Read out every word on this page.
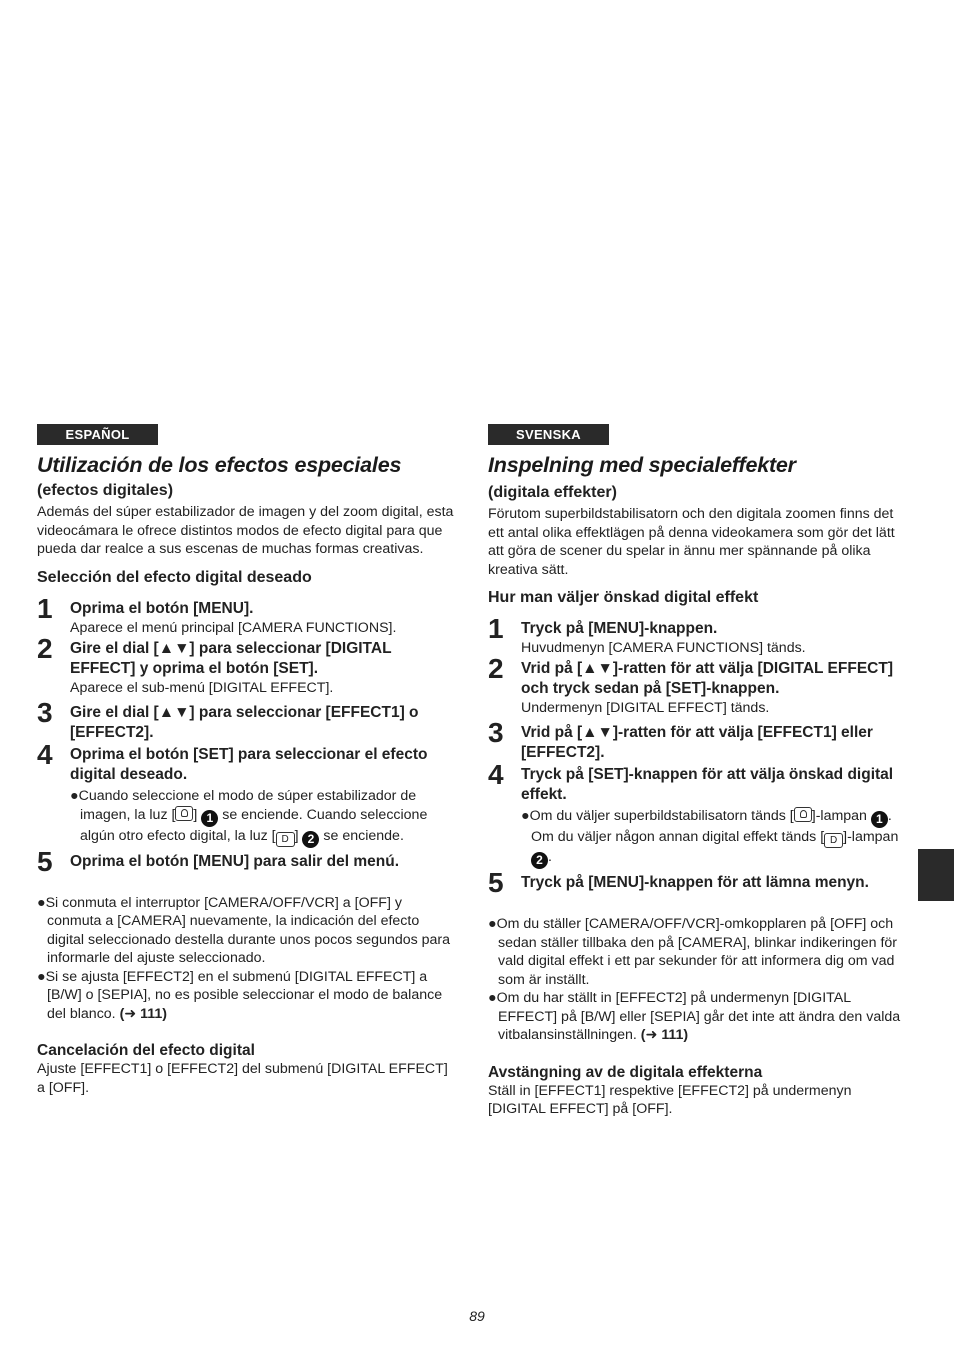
ESPAÑOL
Utilización de los efectos especiales
(efectos digitales)
Además del súper estabilizador de imagen y del zoom digital, esta videocámara le ofrece distintos modos de efecto digital para que pueda dar realce a sus escenas de muchas formas creativas.
Selección del efecto digital deseado
1 Oprima el botón [MENU].
Aparece el menú principal [CAMERA FUNCTIONS].
2 Gire el dial [▲▼] para seleccionar [DIGITAL EFFECT] y oprima el botón [SET].
Aparece el sub-menú [DIGITAL EFFECT].
3 Gire el dial [▲▼] para seleccionar [EFFECT1] o [EFFECT2].
4 Oprima el botón [SET] para seleccionar el efecto digital deseado.
●Cuando seleccione el modo de súper estabilizador de imagen, la luz [ ] 1 se enciende. Cuando seleccione algún otro efecto digital, la luz [ D ] 2 se enciende.
5 Oprima el botón [MENU] para salir del menú.
●Si conmuta el interruptor [CAMERA/OFF/VCR] a [OFF] y conmuta a [CAMERA] nuevamente, la indicación del efecto digital seleccionado destella durante unos pocos segundos para informarle del ajuste seleccionado.
●Si se ajusta [EFFECT2] en el submenú [DIGITAL EFFECT] a [B/W] o [SEPIA], no es posible seleccionar el modo de balance del blanco. (➜ 111)
Cancelación del efecto digital
Ajuste [EFFECT1] o [EFFECT2] del submenú [DIGITAL EFFECT] a [OFF].
SVENSKA
Inspelning med specialeffekter
(digitala effekter)
Förutom superbildstabilisatorn och den digitala zoomen finns det ett antal olika effektlägen på denna videokamera som gör det lätt att göra de scener du spelar in ännu mer spännande på olika kreativa sätt.
Hur man väljer önskad digital effekt
1 Tryck på [MENU]-knappen.
Huvudmenyn [CAMERA FUNCTIONS] tänds.
2 Vrid på [▲▼]-ratten för att välja [DIGITAL EFFECT] och tryck sedan på [SET]-knappen.
Undermenyn [DIGITAL EFFECT] tänds.
3 Vrid på [▲▼]-ratten för att välja [EFFECT1] eller [EFFECT2].
4 Tryck på [SET]-knappen för att välja önskad digital effekt.
●Om du väljer superbildstabilisatorn tänds [ ]-lampan 1 . Om du väljer någon annan digital effekt tänds [ D ]-lampan 2 .
5 Tryck på [MENU]-knappen för att lämna menyn.
●Om du ställer [CAMERA/OFF/VCR]-omkopplaren på [OFF] och sedan ställer tillbaka den på [CAMERA], blinkar indikeringen för vald digital effekt i ett par sekunder för att informera dig om vad som är inställt.
●Om du har ställt in [EFFECT2] på undermenyn [DIGITAL EFFECT] på [B/W] eller [SEPIA] går det inte att ändra den valda vitbalansinställningen. (➜ 111)
Avstängning av de digitala effekterna
Ställ in [EFFECT1] respektive [EFFECT2] på undermenyn [DIGITAL EFFECT] på [OFF].
89
